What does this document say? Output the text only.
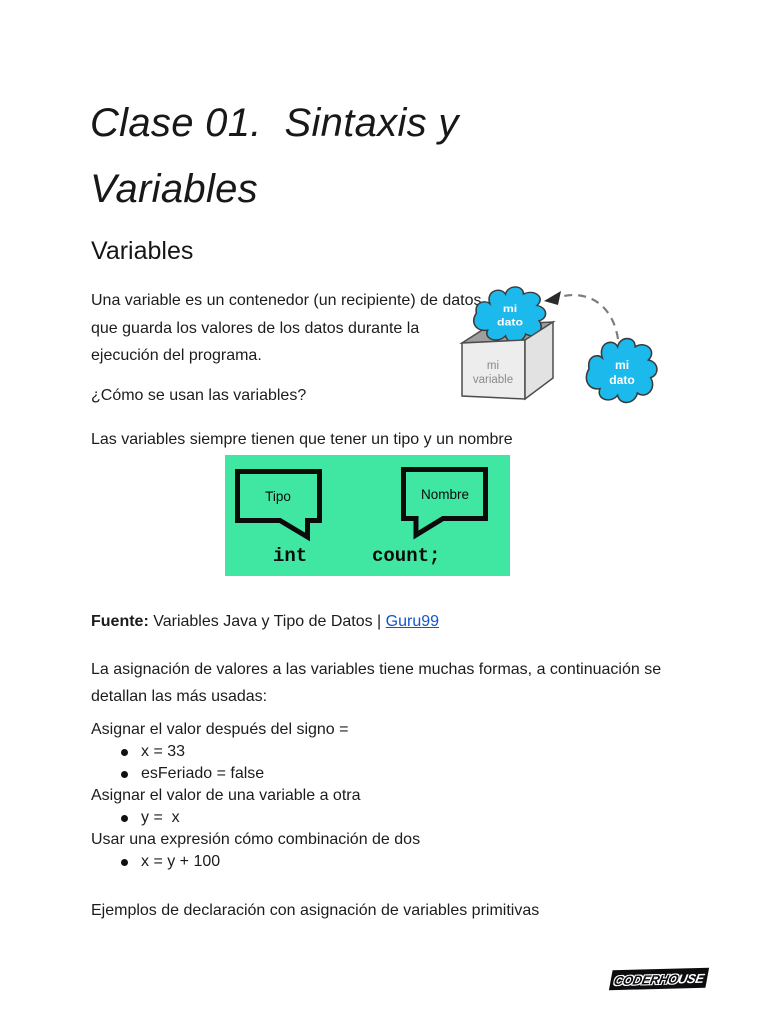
Clase 01.  Sintaxis y Variables
Variables

Una variable es un contenedor (un recipiente) de datos que guarda los valores de los datos durante la ejecución del programa.

mi
dato
mi
variable
mi
dato

¿Cómo se usan las variables?

Las variables siempre tienen que tener un tipo y un nombre

Tipo	Nombre
int	count;

Fuente: Variables Java y Tipo de Datos | Guru99

La asignación de valores a las variables tiene muchas formas, a continuación se detallan las más usadas:

Asignar el valor después del signo =
x = 33
esFeriado = false
Asignar el valor de una variable a otra
y =  x
Usar una expresión cómo combinación de dos
x = y + 100

Ejemplos de declaración con asignación de variables primitivas

CODERHOUSE
